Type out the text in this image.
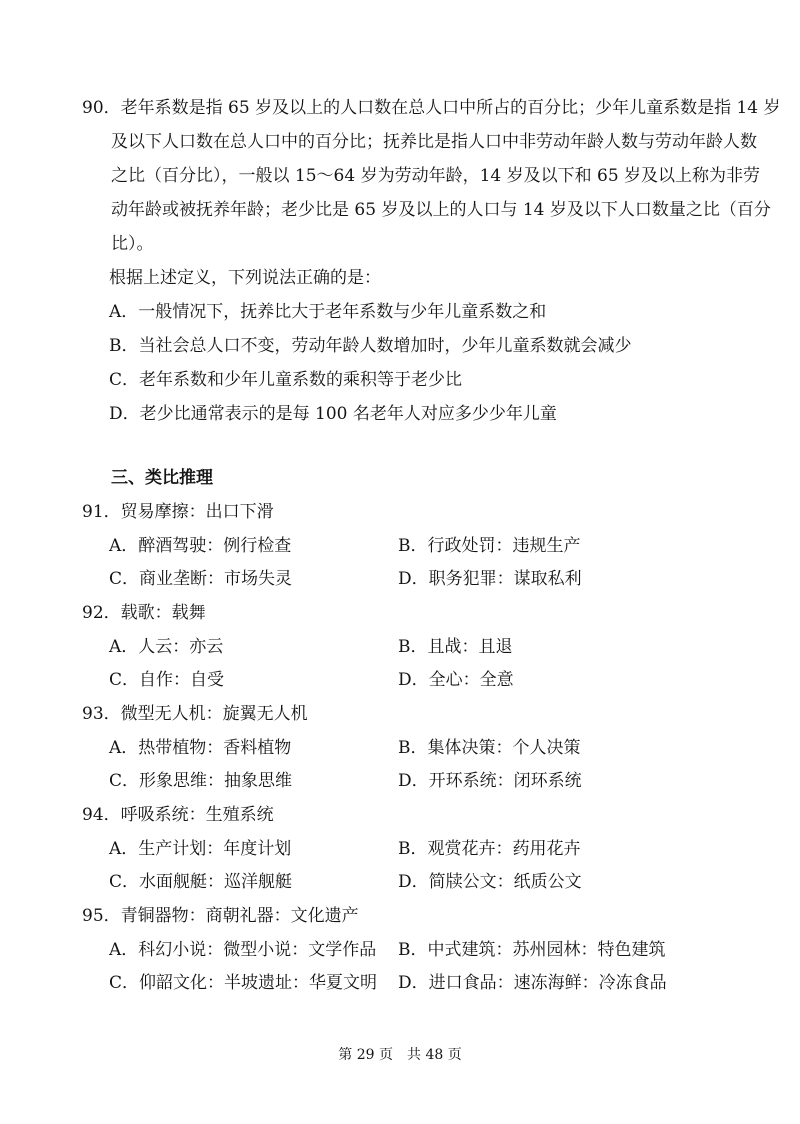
90．老年系数是指 65 岁及以上的人口数在总人口中所占的百分比；少年儿童系数是指 14 岁
及以下人口数在总人口中的百分比；抚养比是指人口中非劳动年龄人数与劳动年龄人数
之比（百分比），一般以 15～64 岁为劳动年龄，14 岁及以下和 65 岁及以上称为非劳
动年龄或被抚养年龄；老少比是 65 岁及以上的人口与 14 岁及以下人口数量之比（百分
比）。
根据上述定义，下列说法正确的是：
A．一般情况下，抚养比大于老年系数与少年儿童系数之和
B．当社会总人口不变，劳动年龄人数增加时，少年儿童系数就会减少
C．老年系数和少年儿童系数的乘积等于老少比
D．老少比通常表示的是每 100 名老年人对应多少少年儿童
三、类比推理
91．贸易摩擦：出口下滑
A．醉酒驾驶：例行检查	B．行政处罚：违规生产
C．商业垄断：市场失灵	D．职务犯罪：谋取私利
92．载歌：载舞
A．人云：亦云	B．且战：且退
C．自作：自受	D．全心：全意
93．微型无人机：旋翼无人机
A．热带植物：香料植物	B．集体决策：个人决策
C．形象思维：抽象思维	D．开环系统：闭环系统
94．呼吸系统：生殖系统
A．生产计划：年度计划	B．观赏花卉：药用花卉
C．水面舰艇：巡洋舰艇	D．简牍公文：纸质公文
95．青铜器物：商朝礼器：文化遗产
A．科幻小说：微型小说：文学作品 B．中式建筑：苏州园林：特色建筑
C．仰韶文化：半坡遗址：华夏文明 D．进口食品：速冻海鲜：冷冻食品
第 29 页　共 48 页
